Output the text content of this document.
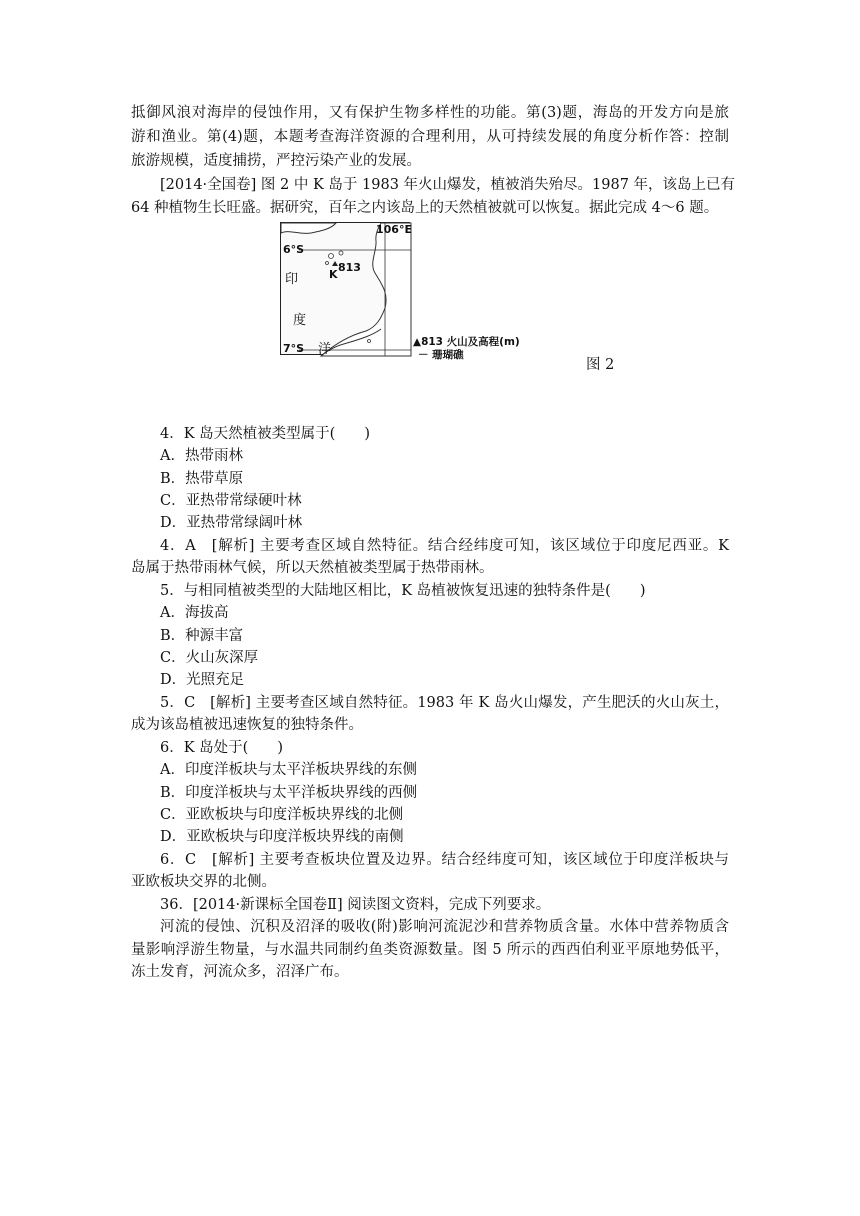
抵御风浪对海岸的侵蚀作用，又有保护生物多样性的功能。第(3)题，海岛的开发方向是旅
游和渔业。第(4)题，本题考查海洋资源的合理利用，从可持续发展的角度分析作答：控制
旅游规模，适度捕捞，严控污染产业的发展。
[2014·全国卷] 图 2 中 K 岛于 1983 年火山爆发，植被消失殆尽。1987 年，该岛上已有
64 种植物生长旺盛。据研究，百年之内该岛上的天然植被就可以恢复。据此完成 4～6 题。
106°E
6°S
813
K
印
度
洋
7°S	▲813 火山及高程(m)
－ 珊瑚礁
图 2
4．K 岛天然植被类型属于(　　)
A．热带雨林
B．热带草原
C．亚热带常绿硬叶林
D．亚热带常绿阔叶林
4．A　[解析] 主要考查区域自然特征。结合经纬度可知，该区域位于印度尼西亚。K
岛属于热带雨林气候，所以天然植被类型属于热带雨林。
5．与相同植被类型的大陆地区相比，K 岛植被恢复迅速的独特条件是(　　)
A．海拔高
B．种源丰富
C．火山灰深厚
D．光照充足
5．C　[解析] 主要考查区域自然特征。1983 年 K 岛火山爆发，产生肥沃的火山灰土，
成为该岛植被迅速恢复的独特条件。
6．K 岛处于(　　)
A．印度洋板块与太平洋板块界线的东侧
B．印度洋板块与太平洋板块界线的西侧
C．亚欧板块与印度洋板块界线的北侧
D．亚欧板块与印度洋板块界线的南侧
6．C　[解析] 主要考查板块位置及边界。结合经纬度可知，该区域位于印度洋板块与
亚欧板块交界的北侧。
36．[2014·新课标全国卷Ⅱ] 阅读图文资料，完成下列要求。
河流的侵蚀、沉积及沼泽的吸收(附)影响河流泥沙和营养物质含量。水体中营养物质含
量影响浮游生物量，与水温共同制约鱼类资源数量。图 5 所示的西西伯利亚平原地势低平，
冻土发育，河流众多，沼泽广布。
